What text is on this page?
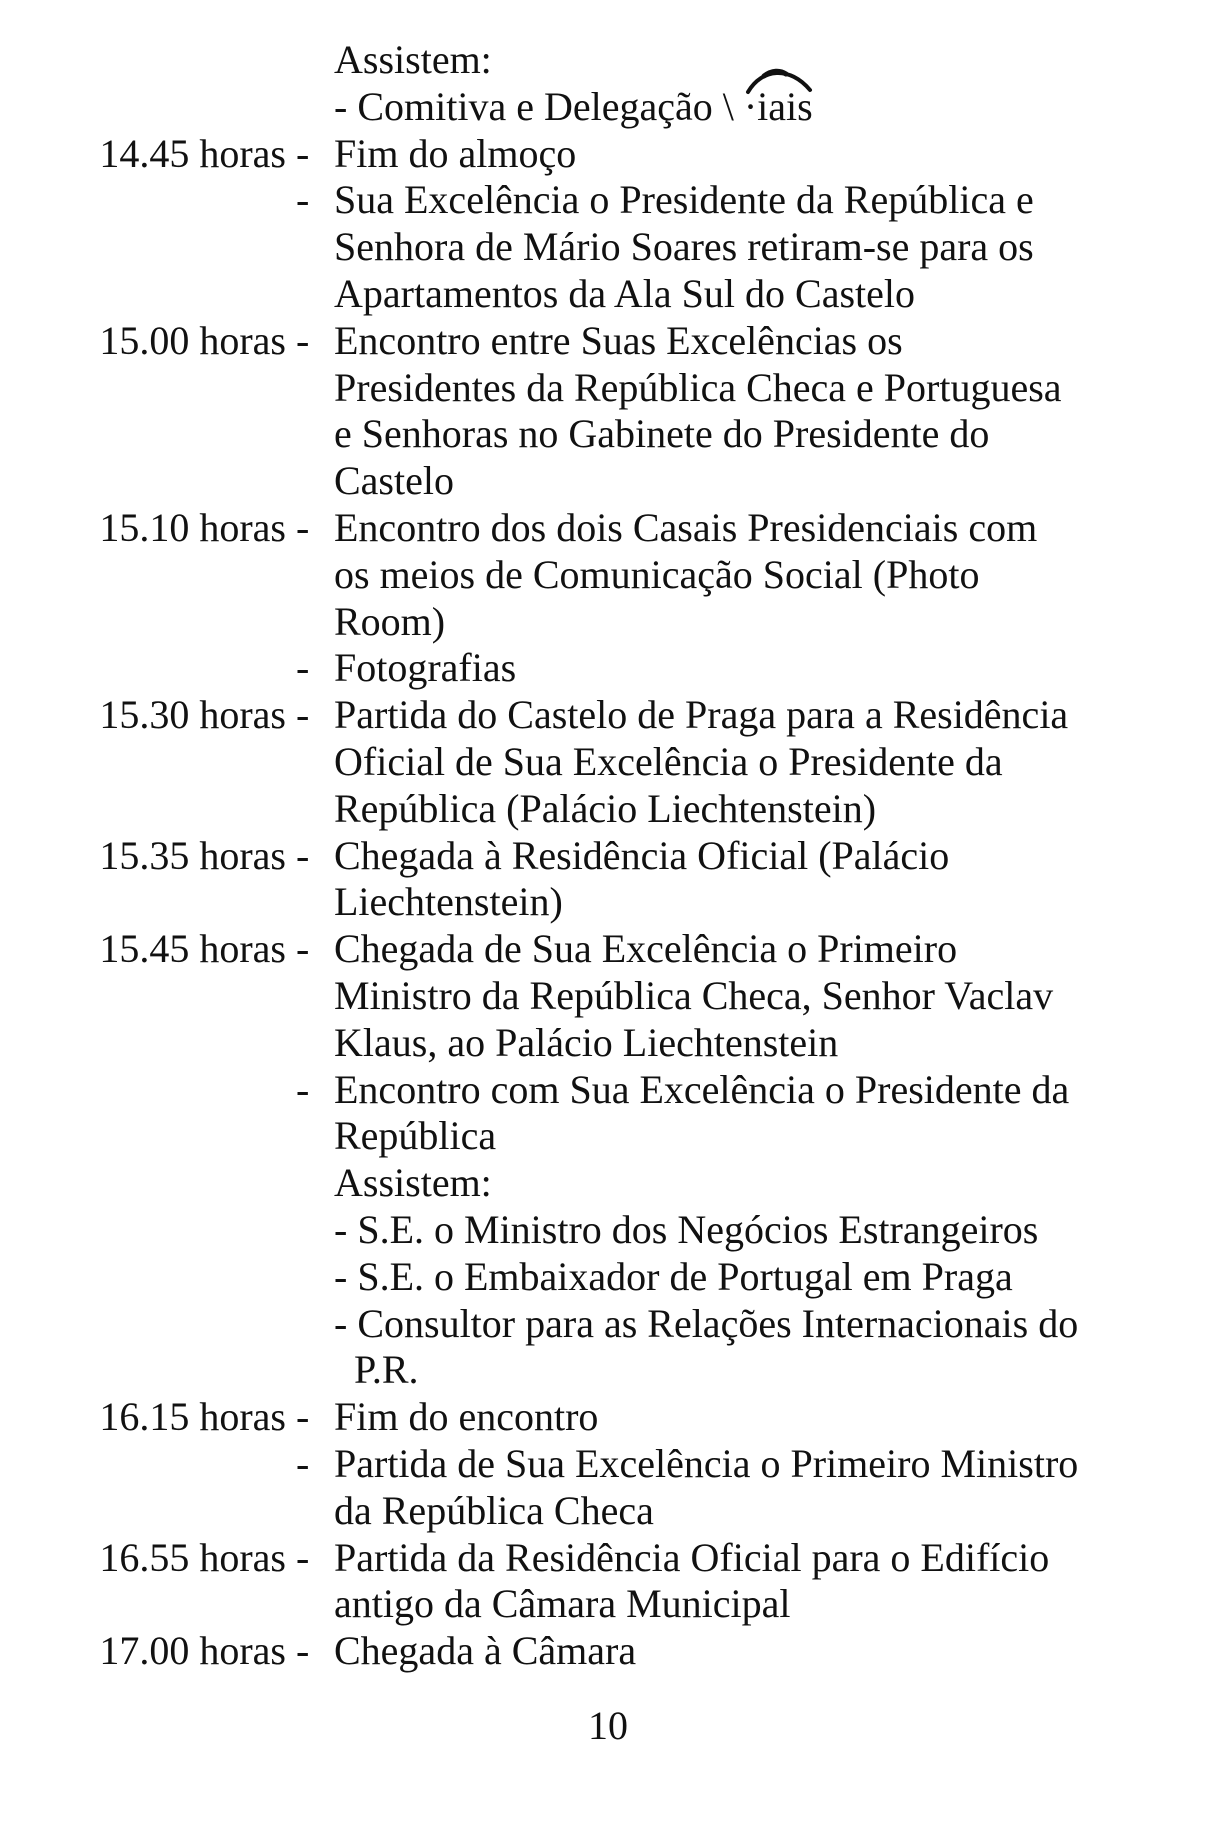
Assistem:
- Comitiva e Delegação \ ·iais
14.45 horas - Fim do almoço
- Sua Excelência o Presidente da República e
Senhora de Mário Soares retiram-se para os
Apartamentos da Ala Sul do Castelo
15.00 horas - Encontro entre Suas Excelências os
Presidentes da República Checa e Portuguesa
e Senhoras no Gabinete do Presidente do
Castelo
15.10 horas - Encontro dos dois Casais Presidenciais com
os meios de Comunicação Social (Photo
Room)
- Fotografias
15.30 horas - Partida do Castelo de Praga para a Residência
Oficial de Sua Excelência o Presidente da
República (Palácio Liechtenstein)
15.35 horas - Chegada à Residência Oficial (Palácio
Liechtenstein)
15.45 horas - Chegada de Sua Excelência o Primeiro
Ministro da República Checa, Senhor Vaclav
Klaus, ao Palácio Liechtenstein
- Encontro com Sua Excelência o Presidente da
República
Assistem:
- S.E. o Ministro dos Negócios Estrangeiros
- S.E. o Embaixador de Portugal em Praga
- Consultor para as Relações Internacionais do
P.R.
16.15 horas - Fim do encontro
- Partida de Sua Excelência o Primeiro Ministro
da República Checa
16.55 horas - Partida da Residência Oficial para o Edifício
antigo da Câmara Municipal
17.00 horas - Chegada à Câmara
10
